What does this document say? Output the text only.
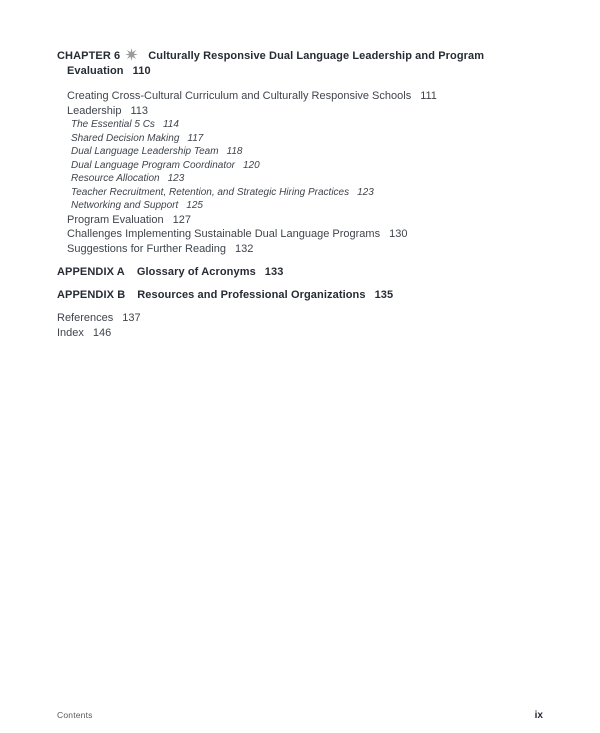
CHAPTER 6	Culturally Responsive Dual Language Leadership and Program
Evaluation 110

Creating Cross-Cultural Curriculum and Culturally Responsive Schools 111
Leadership 113
The Essential 5 Cs 114
Shared Decision Making 117
Dual Language Leadership Team 118
Dual Language Program Coordinator 120
Resource Allocation 123
Teacher Recruitment, Retention, and Strategic Hiring Practices 123
Networking and Support 125
Program Evaluation 127
Challenges Implementing Sustainable Dual Language Programs 130
Suggestions for Further Reading 132

APPENDIX A Glossary of Acronyms 133

APPENDIX B Resources and Professional Organizations 135

References 137
Index 146
Contents	ix
